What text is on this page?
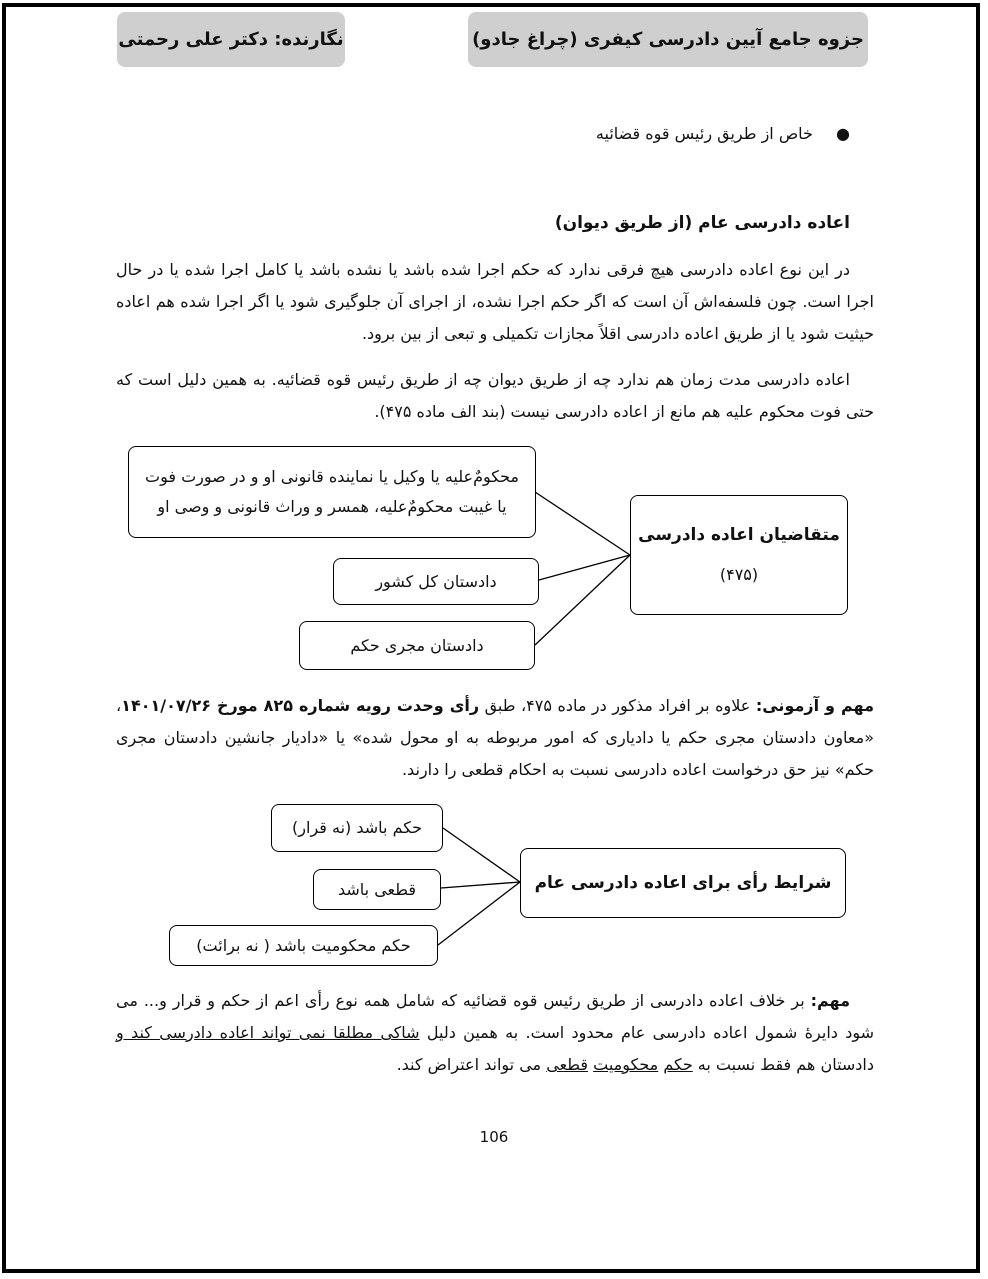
جزوه جامع آیین دادرسی کیفری (چراغ جادو)
نگارنده: دکتر علی رحمتی
● خاص از طریق رئیس قوه قضائیه
اعاده دادرسی عام (از طریق دیوان)
در این نوع اعاده دادرسی هیچ فرقی ندارد که حکم اجرا شده باشد یا نشده باشد یا کامل اجرا شده یا در حال اجرا است. چون فلسفه‌اش آن است که اگر حکم اجرا نشده، از اجرای آن جلوگیری شود یا اگر اجرا شده هم اعاده حیثیت شود یا از طریق اعاده دادرسی اقلاً مجازات تکمیلی و تبعی از بین برود.
اعاده دادرسی مدت زمان هم ندارد چه از طریق دیوان چه از طریق رئیس قوه قضائیه. به همین دلیل است که حتی فوت محکوم علیه هم مانع از اعاده دادرسی نیست (بند الف ماده ۴۷۵).
متقاضیان اعاده دادرسی
(۴۷۵)
محکومٌ‌علیه یا وکیل یا نماینده قانونی او و در صورت فوت یا غیبت محکومٌ‌علیه، همسر و وراث قانونی و وصی او
دادستان کل کشور
دادستان مجری حکم
مهم و آزمونی: علاوه بر افراد مذکور در ماده ۴۷۵، طبق رأی وحدت رویه شماره ۸۲۵ مورخ ۱۴۰۱/۰۷/۲۶، «معاون دادستان مجری حکم یا دادیاری که امور مربوطه به او محول شده» یا «دادیار جانشین دادستان مجری حکم» نیز حق درخواست اعاده دادرسی نسبت به احکام قطعی را دارند.
شرایط رأی برای اعاده دادرسی عام
حکم باشد (نه قرار)
قطعی باشد
حکم محکومیت باشد ( نه برائت)
مهم: بر خلاف اعاده دادرسی از طریق رئیس قوه قضائیه که شامل همه نوع رأی اعم از حکم و قرار و... می شود دایرهٔ شمول اعاده دادرسی عام محدود است. به همین دلیل شاکی مطلقا نمی تواند اعاده دادرسی کند و دادستان هم فقط نسبت به حکم محکومیت قطعی می تواند اعتراض کند.
106
